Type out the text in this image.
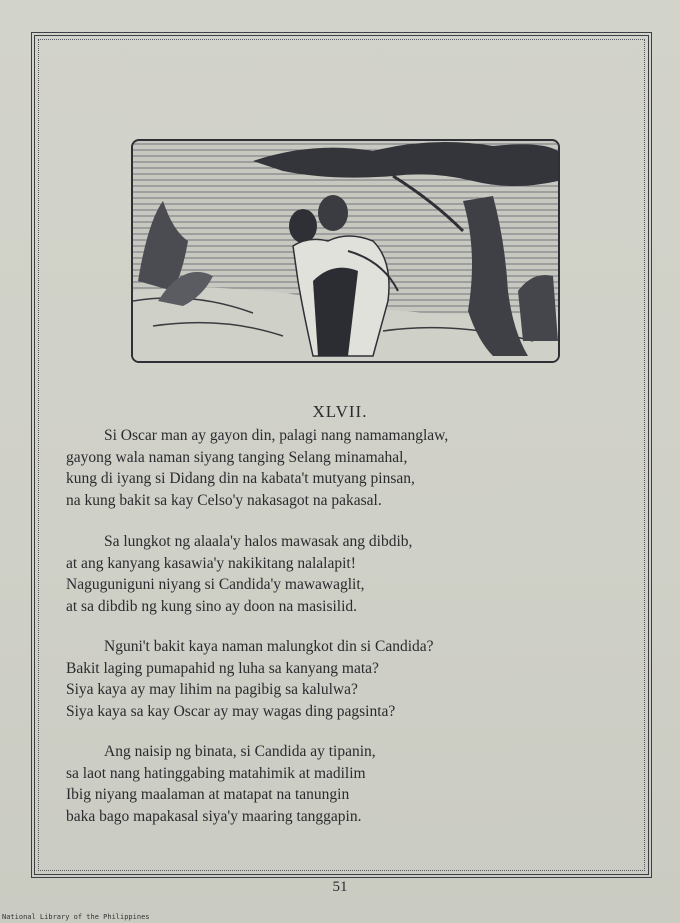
XLVII.
Si Oscar man ay gayon din, palagi nang namamanglaw,
gayong wala naman siyang tanging Selang minamahal,
kung di iyang si Didang din na kabata't mutyang pinsan,
na kung bakit sa kay Celso'y nakasagot na pakasal.
Sa lungkot ng alaala'y halos mawasak ang dibdib,
at ang kanyang kasawia'y nakikitang nalalapit!
Naguguniguni niyang si Candida'y mawawaglit,
at sa dibdib ng kung sino ay doon na masisilid.
Nguni't bakit kaya naman malungkot din si Candida?
Bakit laging pumapahid ng luha sa kanyang mata?
Siya kaya ay may lihim na pagibig sa kalulwa?
Siya kaya sa kay Oscar ay may wagas ding pagsinta?
Ang naisip ng binata, si Candida ay tipanin,
sa laot nang hatinggabing matahimik at madilim
Ibig niyang maalaman at matapat na tanungin
baka bago mapakasal siya'y maaring tanggapin.
51
National Library of the Philippines
